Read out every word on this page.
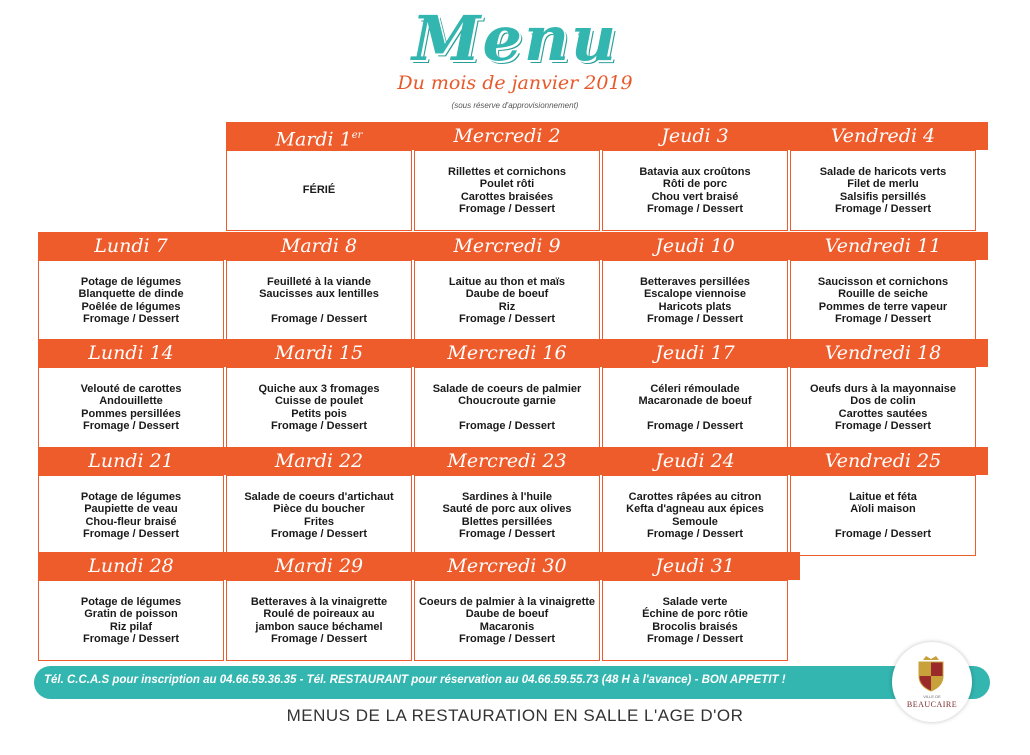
Menu
Du mois de janvier 2019
(sous réserve d'approvisionnement)
Mardi 1er
FÉRIÉ
Mercredi 2
Rillettes et cornichons
Poulet rôti
Carottes braisées
Fromage / Dessert
Jeudi 3
Batavia aux croûtons
Rôti de porc
Chou vert braisé
Fromage / Dessert
Vendredi 4
Salade de haricots verts
Filet de merlu
Salsifis persillés
Fromage / Dessert
Lundi 7
Potage de légumes
Blanquette de dinde
Poêlée de légumes
Fromage / Dessert
Mardi 8
Feuilleté à la viande
Saucisses aux lentilles
Fromage / Dessert
Mercredi 9
Laitue au thon et maïs
Daube de boeuf
Riz
Fromage / Dessert
Jeudi 10
Betteraves persillées
Escalope viennoise
Haricots plats
Fromage / Dessert
Vendredi 11
Saucisson et cornichons
Rouille de seiche
Pommes de terre vapeur
Fromage / Dessert
Lundi 14
Velouté de carottes
Andouillette
Pommes persillées
Fromage / Dessert
Mardi 15
Quiche aux 3 fromages
Cuisse de poulet
Petits pois
Fromage / Dessert
Mercredi 16
Salade de coeurs de palmier
Choucroute garnie
Fromage / Dessert
Jeudi 17
Céleri rémoulade
Macaronade de boeuf
Fromage / Dessert
Vendredi 18
Oeufs durs à la mayonnaise
Dos de colin
Carottes sautées
Fromage / Dessert
Lundi 21
Potage de légumes
Paupiette de veau
Chou-fleur braisé
Fromage / Dessert
Mardi 22
Salade de coeurs d'artichaut
Pièce du boucher
Frites
Fromage / Dessert
Mercredi 23
Sardines à l'huile
Sauté de porc aux olives
Blettes persillées
Fromage / Dessert
Jeudi 24
Carottes râpées au citron
Kefta d'agneau aux épices
Semoule
Fromage / Dessert
Vendredi 25
Laitue et féta
Aïoli maison
Fromage / Dessert
Lundi 28
Potage de légumes
Gratin de poisson
Riz pilaf
Fromage / Dessert
Mardi 29
Betteraves à la vinaigrette
Roulé de poireaux au
jambon sauce béchamel
Fromage / Dessert
Mercredi 30
Coeurs de palmier à la vinaigrette
Daube de boeuf
Macaronis
Fromage / Dessert
Jeudi 31
Salade verte
Échine de porc rôtie
Brocolis braisés
Fromage / Dessert
Tél. C.C.A.S pour inscription au 04.66.59.36.35 - Tél. RESTAURANT pour réservation au 04.66.59.55.73 (48 H à l'avance) - BON APPETIT !
VILLE DE
BEAUCAIRE
MENUS DE LA RESTAURATION EN SALLE L'AGE D'OR
